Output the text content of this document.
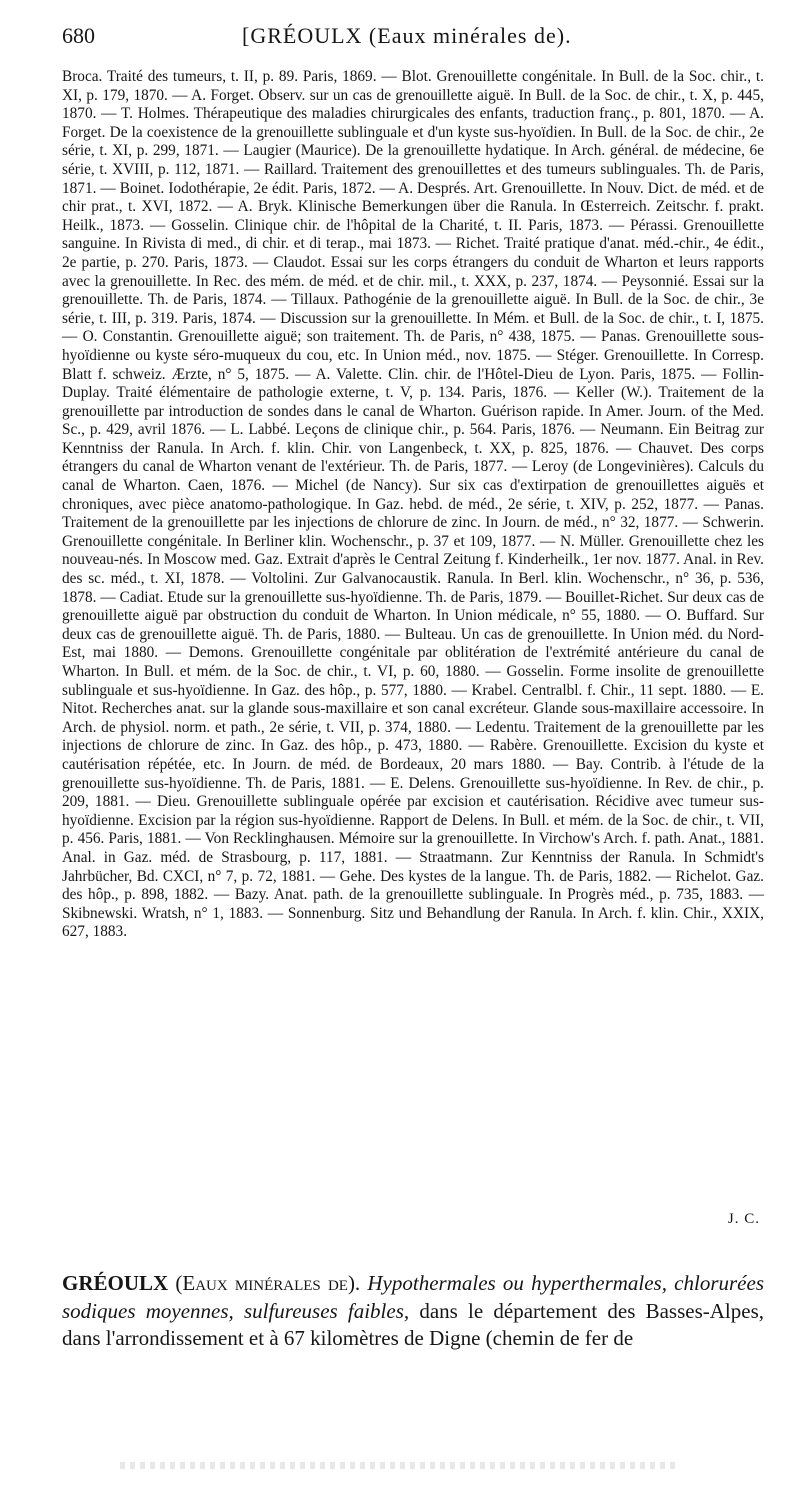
680	[GRÉOULX (Eaux minérales de).
Broca. Traité des tumeurs, t. II, p. 89. Paris, 1869. — Blot. Grenouillette congénitale. In Bull. de la Soc. chir., t. XI, p. 179, 1870. — A. Forget. Observ. sur un cas de grenouillette aiguë. In Bull. de la Soc. de chir., t. X, p. 445, 1870. — T. Holmes. Thérapeutique des maladies chirurgicales des enfants, traduction franç., p. 801, 1870. — A. Forget. De la coexistence de la grenouillette sublinguale et d'un kyste sus-hyoïdien. In Bull. de la Soc. de chir., 2e série, t. XI, p. 299, 1871. — Laugier (Maurice). De la grenouillette hydatique. In Arch. général. de médecine, 6e série, t. XVIII, p. 112, 1871. — Raillard. Traitement des grenouillettes et des tumeurs sublinguales. Th. de Paris, 1871. — Boinet. Iodothérapie, 2e édit. Paris, 1872. — A. Després. Art. Grenouillette. In Nouv. Dict. de méd. et de chir prat., t. XVI, 1872. — A. Bryk. Klinische Bemerkungen über die Ranula. In Œsterreich. Zeitschr. f. prakt. Heilk., 1873. — Gosselin. Clinique chir. de l'hôpital de la Charité, t. II. Paris, 1873. — Pérassi. Grenouillette sanguine. In Rivista di med., di chir. et di terap., mai 1873. — Richet. Traité pratique d'anat. méd.-chir., 4e édit., 2e partie, p. 270. Paris, 1873. — Claudot. Essai sur les corps étrangers du conduit de Wharton et leurs rapports avec la grenouillette. In Rec. des mém. de méd. et de chir. mil., t. XXX, p. 237, 1874. — Peysonnié. Essai sur la grenouillette. Th. de Paris, 1874. — Tillaux. Pathogénie de la grenouillette aiguë. In Bull. de la Soc. de chir., 3e série, t. III, p. 319. Paris, 1874. — Discussion sur la grenouillette. In Mém. et Bull. de la Soc. de chir., t. I, 1875. — O. Constantin. Grenouillette aiguë; son traitement. Th. de Paris, n° 438, 1875. — Panas. Grenouillette sous-hyoïdienne ou kyste séro-muqueux du cou, etc. In Union méd., nov. 1875. — Stéger. Grenouillette. In Corresp. Blatt f. schweiz. Ærzte, n° 5, 1875. — A. Valette. Clin. chir. de l'Hôtel-Dieu de Lyon. Paris, 1875. — Follin-Duplay. Traité élémentaire de pathologie externe, t. V, p. 134. Paris, 1876. — Keller (W.). Traitement de la grenouillette par introduction de sondes dans le canal de Wharton. Guérison rapide. In Amer. Journ. of the Med. Sc., p. 429, avril 1876. — L. Labbé. Leçons de clinique chir., p. 564. Paris, 1876. — Neumann. Ein Beitrag zur Kenntniss der Ranula. In Arch. f. klin. Chir. von Langenbeck, t. XX, p. 825, 1876. — Chauvet. Des corps étrangers du canal de Wharton venant de l'extérieur. Th. de Paris, 1877. — Leroy (de Longevinières). Calculs du canal de Wharton. Caen, 1876. — Michel (de Nancy). Sur six cas d'extirpation de grenouillettes aiguës et chroniques, avec pièce anatomo-pathologique. In Gaz. hebd. de méd., 2e série, t. XIV, p. 252, 1877. — Panas. Traitement de la grenouillette par les injections de chlorure de zinc. In Journ. de méd., n° 32, 1877. — Schwerin. Grenouillette congénitale. In Berliner klin. Wochenschr., p. 37 et 109, 1877. — N. Müller. Grenouillette chez les nouveau-nés. In Moscow med. Gaz. Extrait d'après le Central Zeitung f. Kinderheilk., 1er nov. 1877. Anal. in Rev. des sc. méd., t. XI, 1878. — Voltolini. Zur Galvanocaustik. Ranula. In Berl. klin. Wochenschr., n° 36, p. 536, 1878. — Cadiat. Etude sur la grenouillette sus-hyoïdienne. Th. de Paris, 1879. — Bouillet-Richet. Sur deux cas de grenouillette aiguë par obstruction du conduit de Wharton. In Union médicale, n° 55, 1880. — O. Buffard. Sur deux cas de grenouillette aiguë. Th. de Paris, 1880. — Bulteau. Un cas de grenouillette. In Union méd. du Nord-Est, mai 1880. — Demons. Grenouillette congénitale par oblitération de l'extrémité antérieure du canal de Wharton. In Bull. et mém. de la Soc. de chir., t. VI, p. 60, 1880. — Gosselin. Forme insolite de grenouillette sublinguale et sus-hyoïdienne. In Gaz. des hôp., p. 577, 1880. — Krabel. Centralbl. f. Chir., 11 sept. 1880. — E. Nitot. Recherches anat. sur la glande sous-maxillaire et son canal excréteur. Glande sous-maxillaire accessoire. In Arch. de physiol. norm. et path., 2e série, t. VII, p. 374, 1880. — Ledentu. Traitement de la grenouillette par les injections de chlorure de zinc. In Gaz. des hôp., p. 473, 1880. — Rabère. Grenouillette. Excision du kyste et cautérisation répétée, etc. In Journ. de méd. de Bordeaux, 20 mars 1880. — Bay. Contrib. à l'étude de la grenouillette sus-hyoïdienne. Th. de Paris, 1881. — E. Delens. Grenouillette sus-hyoïdienne. In Rev. de chir., p. 209, 1881. — Dieu. Grenouillette sublinguale opérée par excision et cautérisation. Récidive avec tumeur sus-hyoïdienne. Excision par la région sus-hyoïdienne. Rapport de Delens. In Bull. et mém. de la Soc. de chir., t. VII, p. 456. Paris, 1881. — Von Recklinghausen. Mémoire sur la grenouillette. In Virchow's Arch. f. path. Anat., 1881. Anal. in Gaz. méd. de Strasbourg, p. 117, 1881. — Straatmann. Zur Kenntniss der Ranula. In Schmidt's Jahrbücher, Bd. CXCI, n° 7, p. 72, 1881. — Gehe. Des kystes de la langue. Th. de Paris, 1882. — Richelot. Gaz. des hôp., p. 898, 1882. — Bazy. Anat. path. de la grenouillette sublinguale. In Progrès méd., p. 735, 1883. — Skibnewski. Wratsh, n° 1, 1883. — Sonnenburg. Sitz und Behandlung der Ranula. In Arch. f. klin. Chir., XXIX, 627, 1883.
J. C.
GRÉOULX (Eaux minérales de). Hypothermales ou hyperthermales, chlorurées sodiques moyennes, sulfureuses faibles, dans le département des Basses-Alpes, dans l'arrondissement et à 67 kilomètres de Digne (chemin de fer de
